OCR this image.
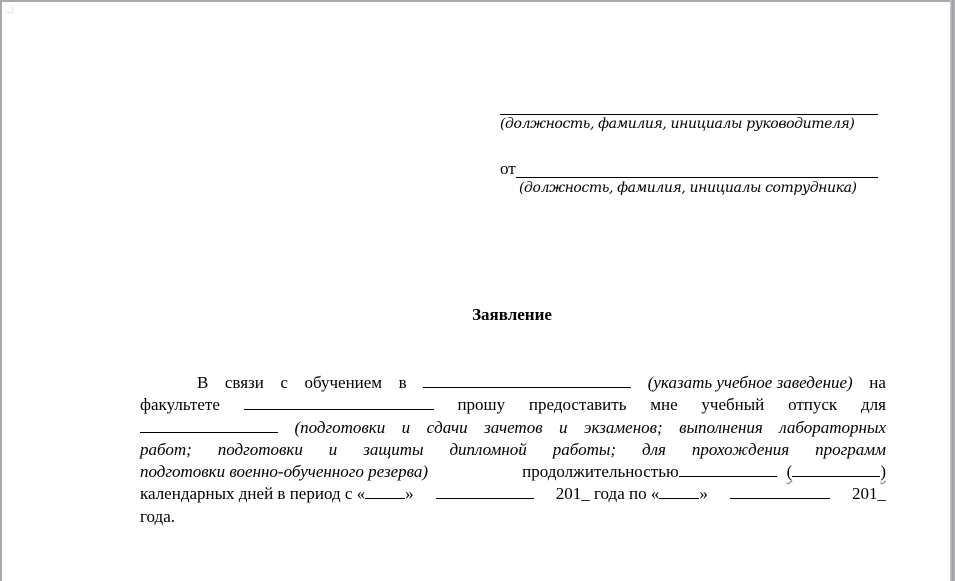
(должность, фамилия, инициалы руководителя)
от
(должность, фамилия, инициалы сотрудника)
Заявление
В связи с обучением в	(указать учебное заведение) на
факультете	прошу предоставить мне учебный отпуск для
(подготовки и сдачи зачетов и экзаменов; выполнения лабораторных
работ; подготовки и защиты дипломной работы; для прохождения программ
подготовки военно-обученного резерва)	продолжительностью	(	)
календарных дней в период с « »	201_ года по « »	201_
года.
